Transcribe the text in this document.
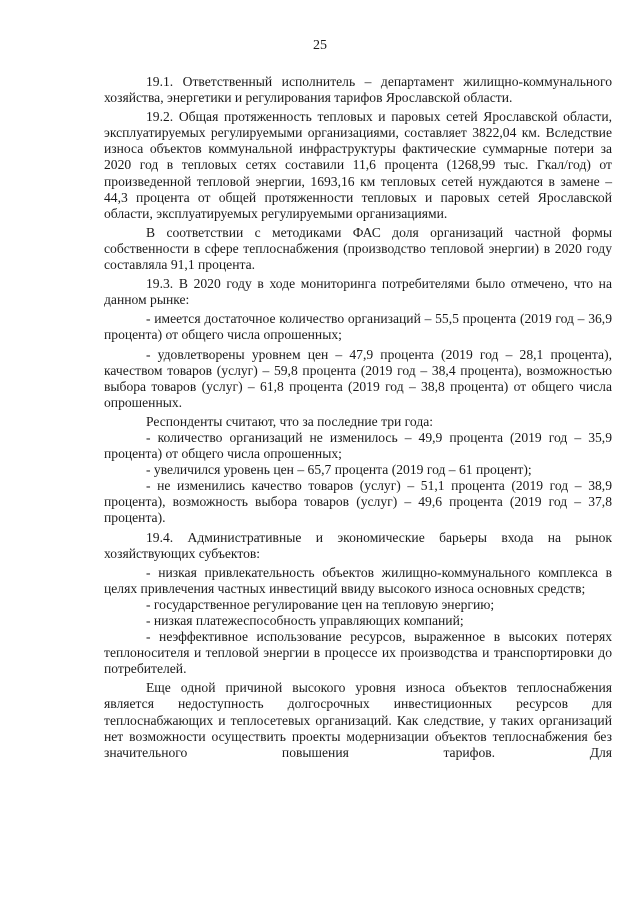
25

19.1. Ответственный исполнитель – департамент жилищно-коммунального хозяйства, энергетики и регулирования тарифов Ярославской области.

19.2. Общая протяженность тепловых и паровых сетей Ярославской области, эксплуатируемых регулируемыми организациями, составляет 3822,04 км. Вследствие износа объектов коммунальной инфраструктуры фактические суммарные потери за 2020 год в тепловых сетях составили 11,6 процента (1268,99 тыс. Гкал/год) от произведенной тепловой энергии, 1693,16 км тепловых сетей нуждаются в замене – 44,3 процента от общей протяженности тепловых и паровых сетей Ярославской области, эксплуатируемых регулируемыми организациями.

В соответствии с методиками ФАС доля организаций частной формы собственности в сфере теплоснабжения (производство тепловой энергии) в 2020 году составляла 91,1 процента.

19.3. В 2020 году в ходе мониторинга потребителями было отмечено, что на данном рынке:

- имеется достаточное количество организаций – 55,5 процента (2019 год – 36,9 процента) от общего числа опрошенных;

- удовлетворены уровнем цен – 47,9 процента (2019 год – 28,1 процента), качеством товаров (услуг) – 59,8 процента (2019 год – 38,4 процента), возможностью выбора товаров (услуг) – 61,8 процента (2019 год – 38,8 процента) от общего числа опрошенных.

Респонденты считают, что за последние три года:

- количество организаций не изменилось – 49,9 процента (2019 год – 35,9 процента) от общего числа опрошенных;

- увеличился уровень цен – 65,7 процента (2019 год – 61 процент);

- не изменились качество товаров (услуг) – 51,1 процента (2019 год – 38,9 процента), возможность выбора товаров (услуг) – 49,6 процента (2019 год – 37,8 процента).

19.4. Административные и экономические барьеры входа на рынок хозяйствующих субъектов:

- низкая привлекательность объектов жилищно-коммунального комплекса в целях привлечения частных инвестиций ввиду высокого износа основных средств;

- государственное регулирование цен на тепловую энергию;

- низкая платежеспособность управляющих компаний;

- неэффективное использование ресурсов, выраженное в высоких потерях теплоносителя и тепловой энергии в процессе их производства и транспортировки до потребителей.

Еще одной причиной высокого уровня износа объектов теплоснабжения является недоступность долгосрочных инвестиционных ресурсов для теплоснабжающих и теплосетевых организаций. Как следствие, у таких организаций нет возможности осуществить проекты модернизации объектов теплоснабжения без значительного повышения тарифов. Для
